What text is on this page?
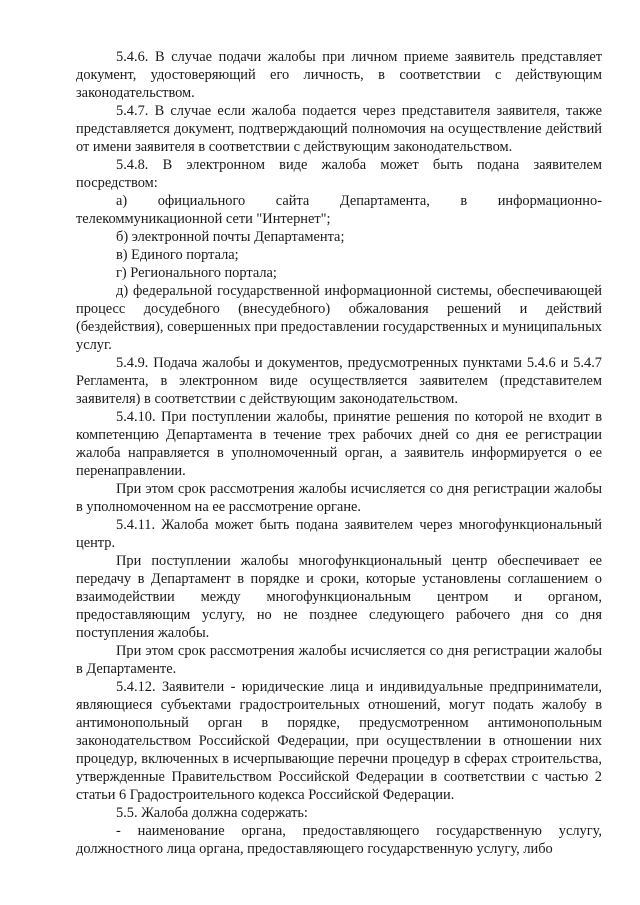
5.4.6. В случае подачи жалобы при личном приеме заявитель представляет документ, удостоверяющий его личность, в соответствии с действующим законодательством.

5.4.7. В случае если жалоба подается через представителя заявителя, также представляется документ, подтверждающий полномочия на осуществление действий от имени заявителя в соответствии с действующим законодательством.

5.4.8. В электронном виде жалоба может быть подана заявителем посредством:

а) официального сайта Департамента, в информационно-телекоммуникационной сети "Интернет";

б) электронной почты Департамента;

в) Единого портала;

г) Регионального портала;

д) федеральной государственной информационной системы, обеспечивающей процесс досудебного (внесудебного) обжалования решений и действий (бездействия), совершенных при предоставлении государственных и муниципальных услуг.

5.4.9. Подача жалобы и документов, предусмотренных пунктами 5.4.6 и 5.4.7 Регламента, в электронном виде осуществляется заявителем (представителем заявителя) в соответствии с действующим законодательством.

5.4.10. При поступлении жалобы, принятие решения по которой не входит в компетенцию Департамента в течение трех рабочих дней со дня ее регистрации жалоба направляется в уполномоченный орган, а заявитель информируется о ее перенаправлении.

При этом срок рассмотрения жалобы исчисляется со дня регистрации жалобы в уполномоченном на ее рассмотрение органе.

5.4.11. Жалоба может быть подана заявителем через многофункциональный центр.

При поступлении жалобы многофункциональный центр обеспечивает ее передачу в Департамент в порядке и сроки, которые установлены соглашением о взаимодействии между многофункциональным центром и органом, предоставляющим услугу, но не позднее следующего рабочего дня со дня поступления жалобы.

При этом срок рассмотрения жалобы исчисляется со дня регистрации жалобы в Департаменте.

5.4.12. Заявители - юридические лица и индивидуальные предприниматели, являющиеся субъектами градостроительных отношений, могут подать жалобу в антимонопольный орган в порядке, предусмотренном антимонопольным законодательством Российской Федерации, при осуществлении в отношении них процедур, включенных в исчерпывающие перечни процедур в сферах строительства, утвержденные Правительством Российской Федерации в соответствии с частью 2 статьи 6 Градостроительного кодекса Российской Федерации.

5.5. Жалоба должна содержать:

- наименование органа, предоставляющего государственную услугу, должностного лица органа, предоставляющего государственную услугу, либо
